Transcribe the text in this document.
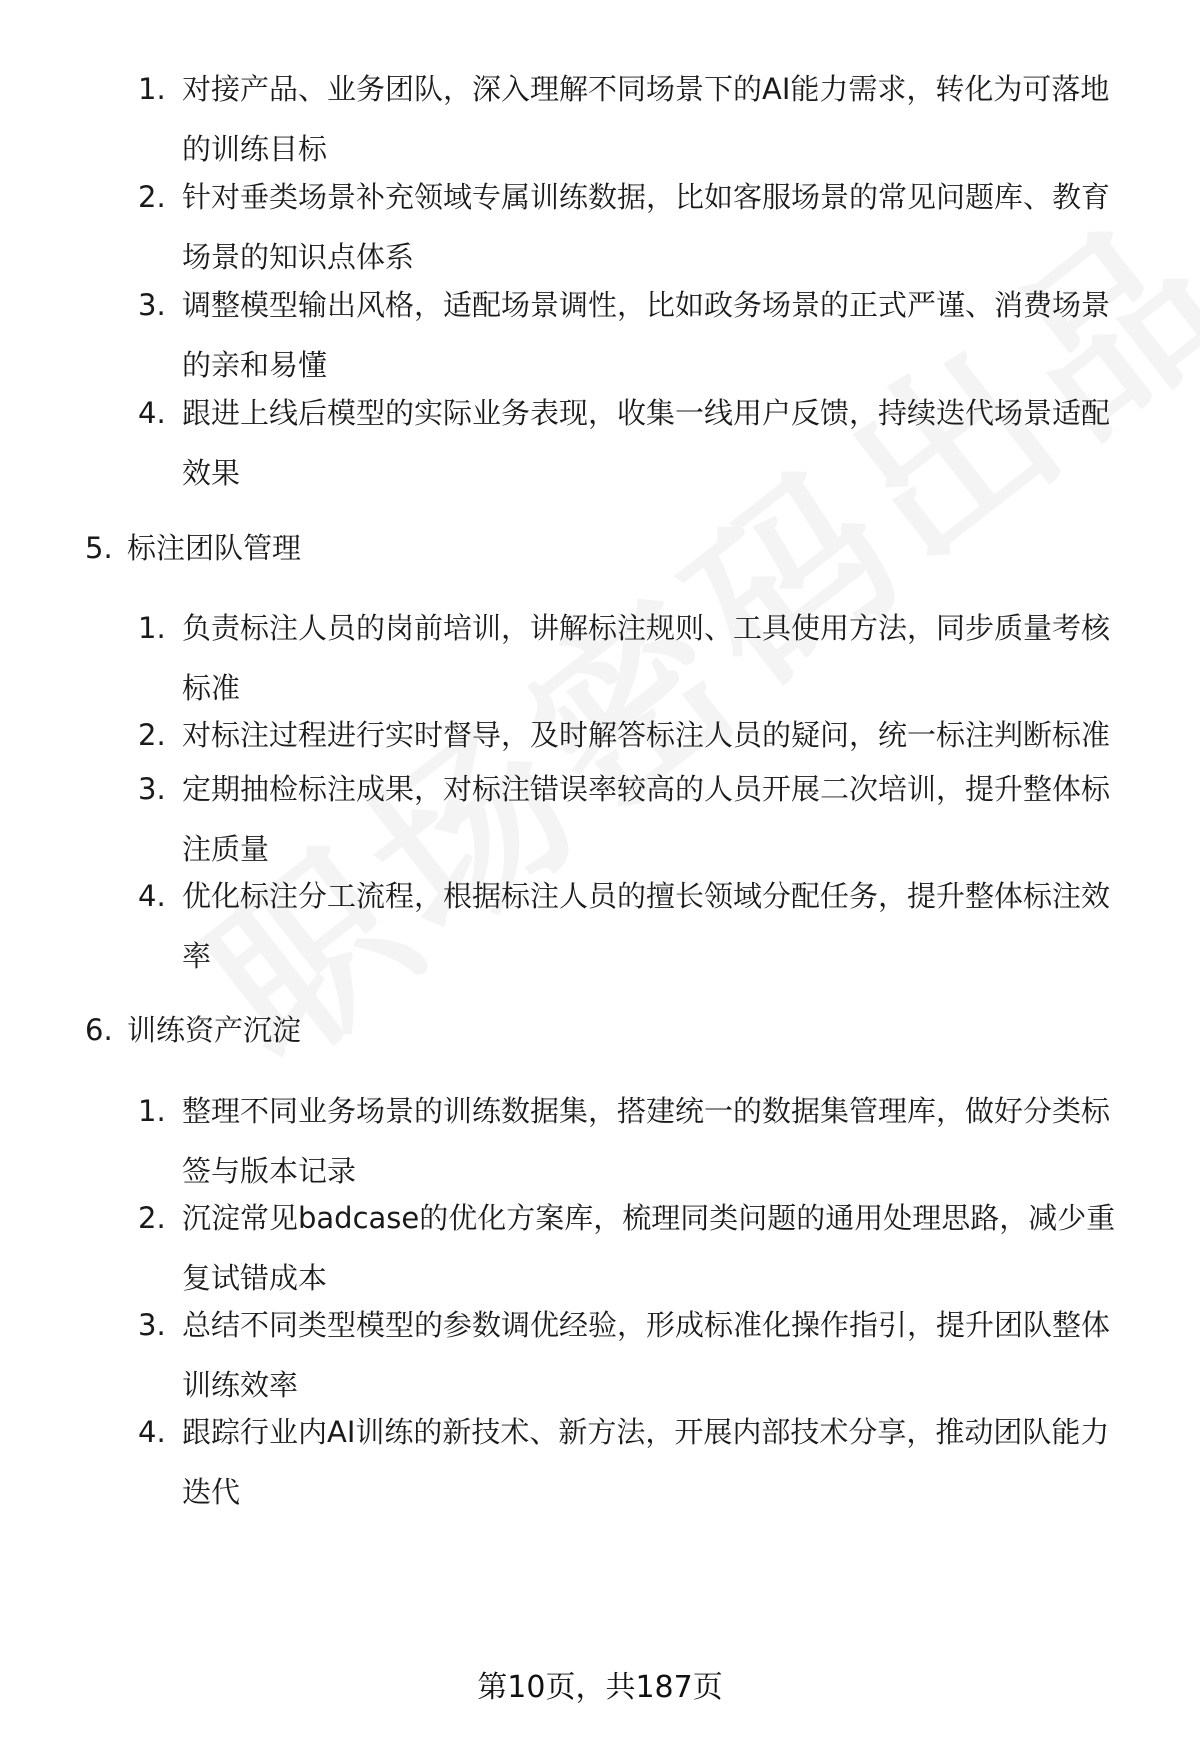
1. 对接产品、业务团队，深入理解不同场景下的AI能力需求，转化为可落地
的训练目标
2. 针对垂类场景补充领域专属训练数据，比如客服场景的常见问题库、教育
场景的知识点体系
3. 调整模型输出风格，适配场景调性，比如政务场景的正式严谨、消费场景
的亲和易懂
4. 跟进上线后模型的实际业务表现，收集一线用户反馈，持续迭代场景适配
效果
5. 标注团队管理
1. 负责标注人员的岗前培训，讲解标注规则、工具使用方法，同步质量考核
标准
2. 对标注过程进行实时督导，及时解答标注人员的疑问，统一标注判断标准
3. 定期抽检标注成果，对标注错误率较高的人员开展二次培训，提升整体标
注质量
4. 优化标注分工流程，根据标注人员的擅长领域分配任务，提升整体标注效
率
6. 训练资产沉淀
1. 整理不同业务场景的训练数据集，搭建统一的数据集管理库，做好分类标
签与版本记录
2. 沉淀常见badcase的优化方案库，梳理同类问题的通用处理思路，减少重
复试错成本
3. 总结不同类型模型的参数调优经验，形成标准化操作指引，提升团队整体
训练效率
4. 跟踪行业内AI训练的新技术、新方法，开展内部技术分享，推动团队能力
迭代
第10页，共187页
